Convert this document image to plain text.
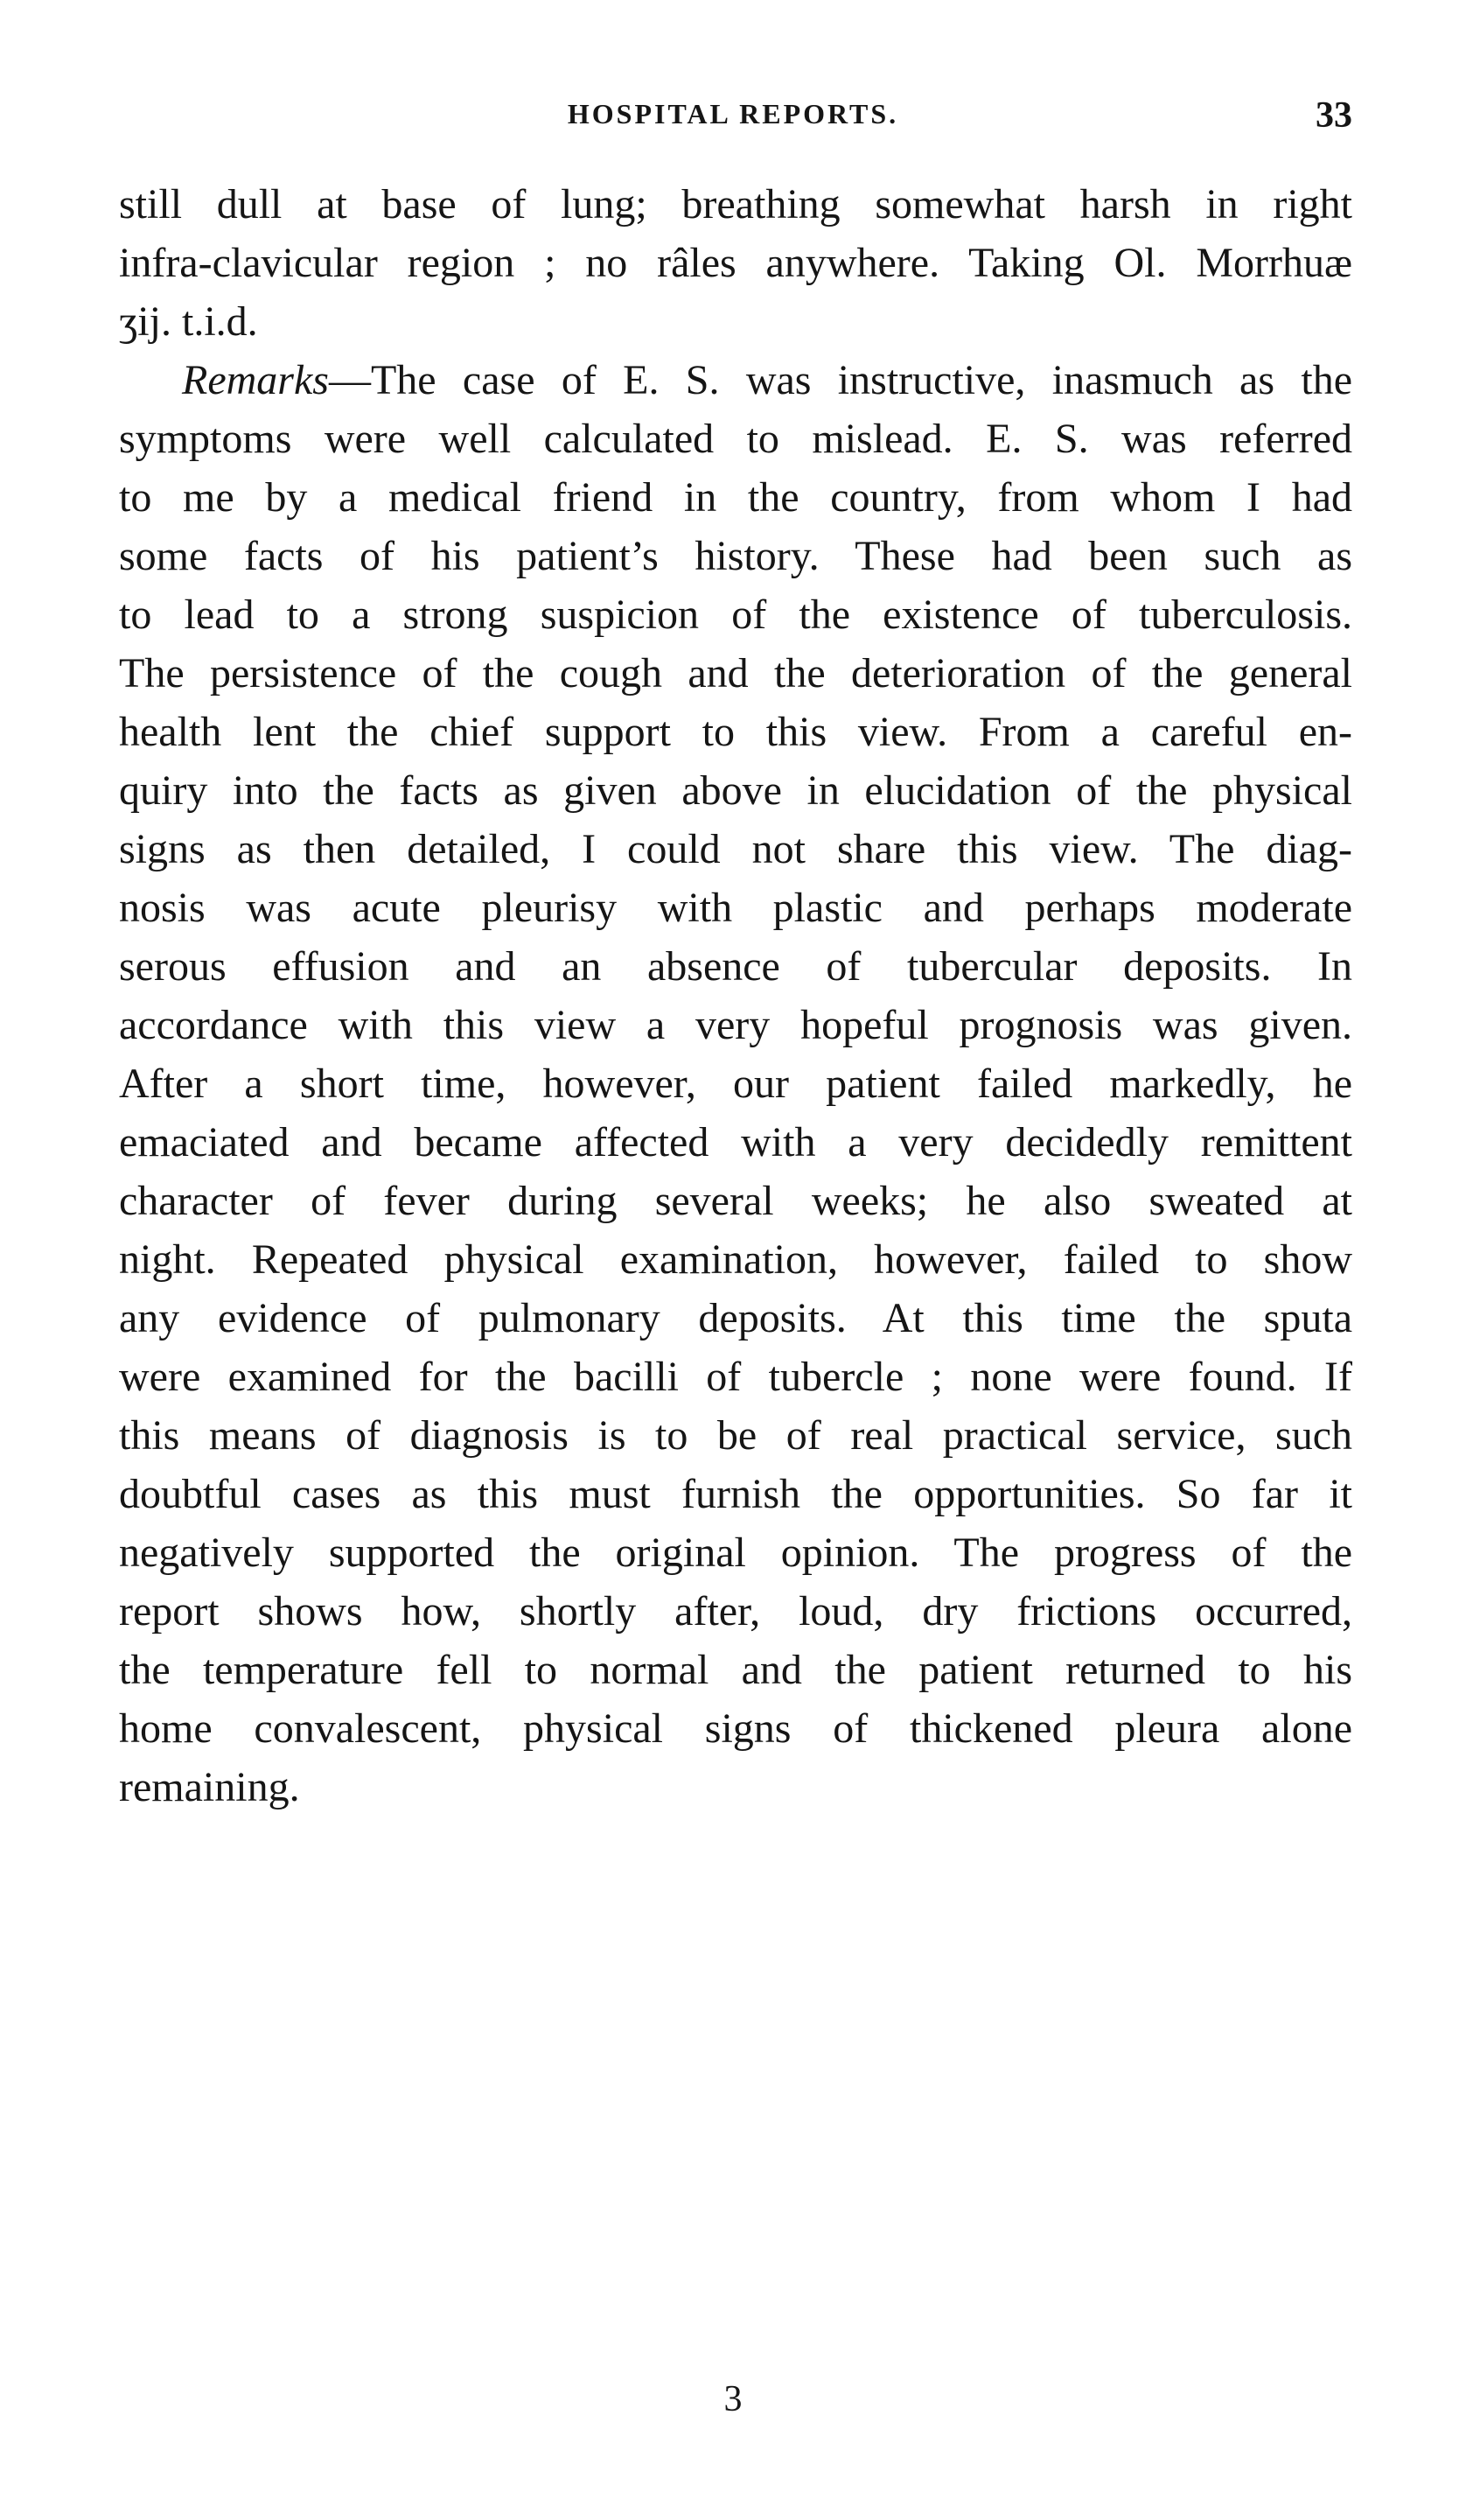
HOSPITAL REPORTS.	33
still dull at base of lung; breathing somewhat harsh in right
infra-clavicular region ; no râles anywhere. Taking Ol. Morrhuæ
ʒij. t.i.d.
Remarks—The case of E. S. was instructive, inasmuch as the
symptoms were well calculated to mislead. E. S. was referred
to me by a medical friend in the country, from whom I had
some facts of his patient’s history. These had been such as
to lead to a strong suspicion of the existence of tuberculosis.
The persistence of the cough and the deterioration of the general
health lent the chief support to this view. From a careful en-
quiry into the facts as given above in elucidation of the physical
signs as then detailed, I could not share this view. The diag-
nosis was acute pleurisy with plastic and perhaps moderate
serous effusion and an absence of tubercular deposits. In
accordance with this view a very hopeful prognosis was given.
After a short time, however, our patient failed markedly, he
emaciated and became affected with a very decidedly remittent
character of fever during several weeks; he also sweated at
night. Repeated physical examination, however, failed to show
any evidence of pulmonary deposits. At this time the sputa
were examined for the bacilli of tubercle ; none were found. If
this means of diagnosis is to be of real practical service, such
doubtful cases as this must furnish the opportunities. So far it
negatively supported the original opinion. The progress of the
report shows how, shortly after, loud, dry frictions occurred,
the temperature fell to normal and the patient returned to his
home convalescent, physical signs of thickened pleura alone
remaining.
3
